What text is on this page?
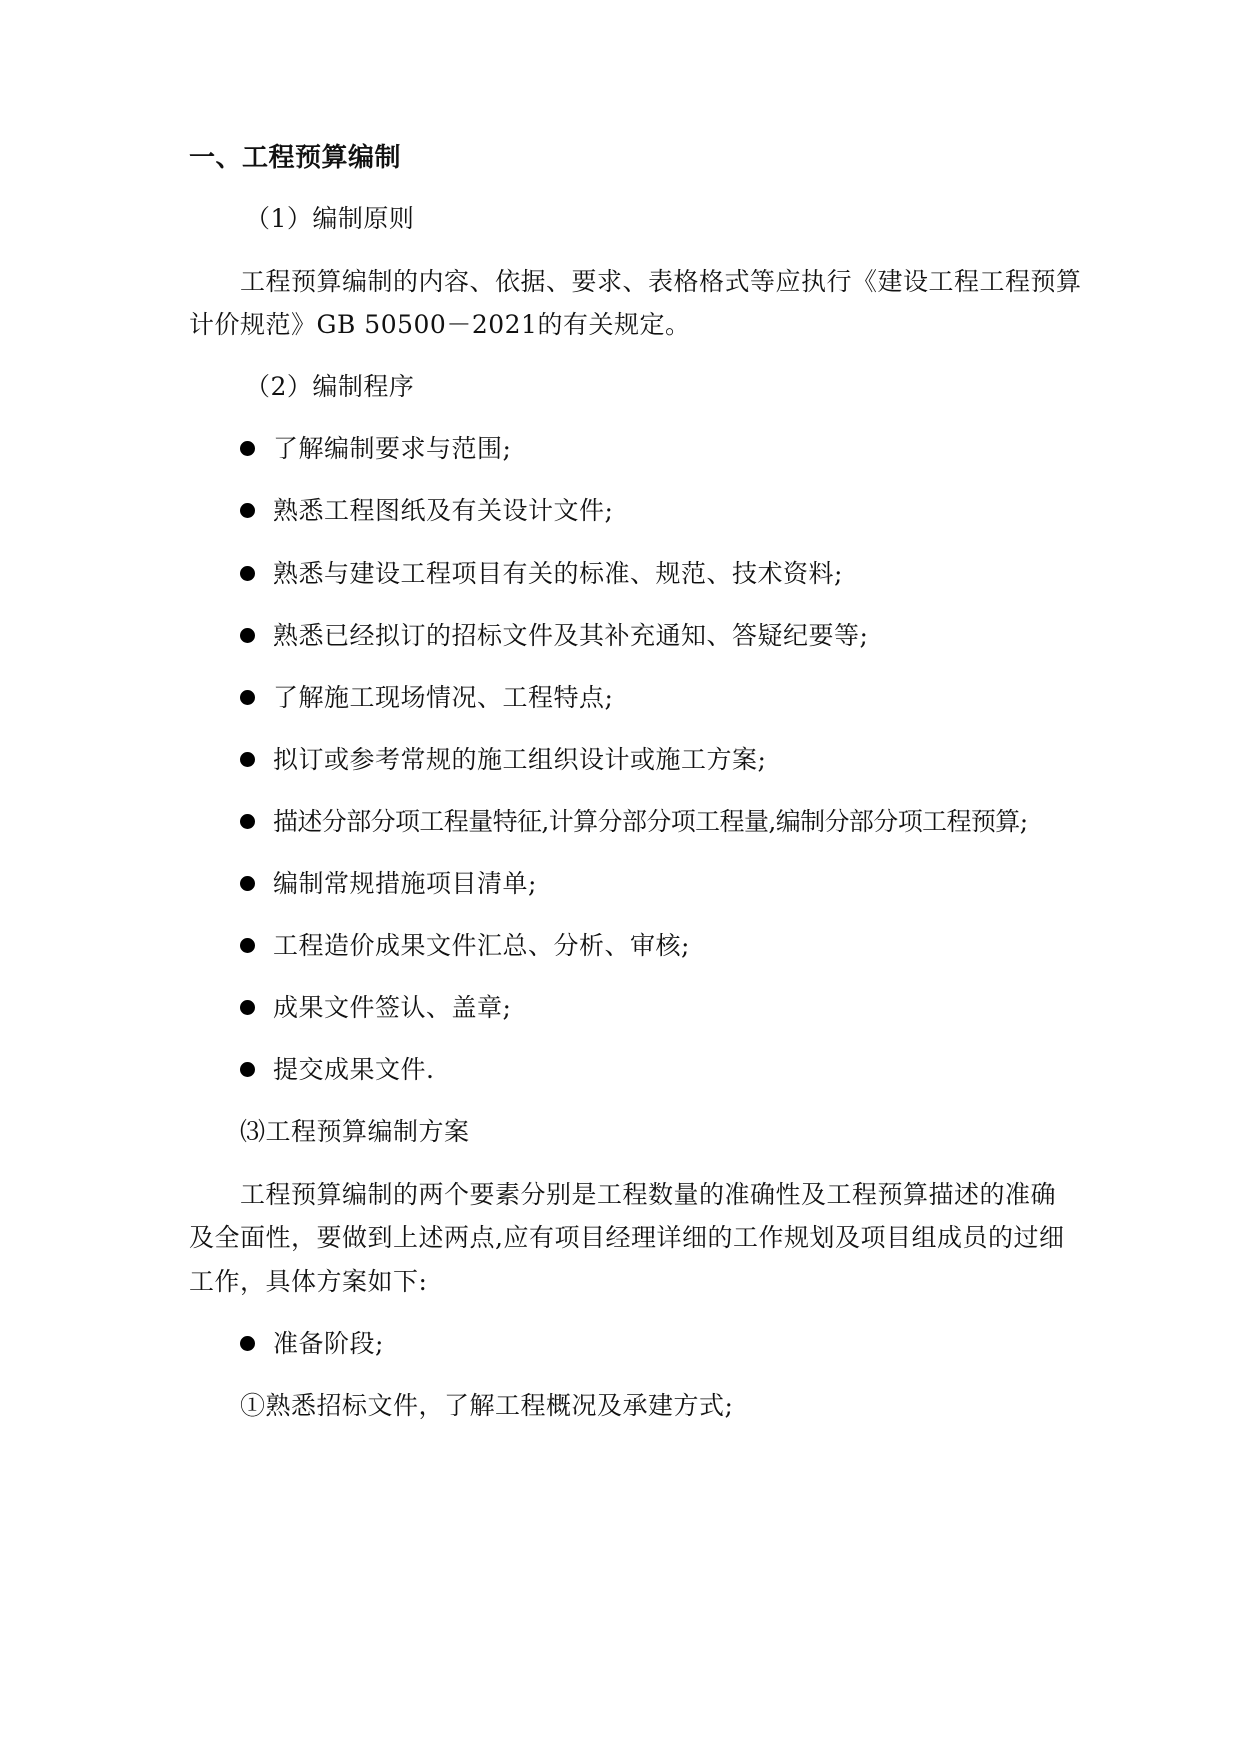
一、工程预算编制
（1）编制原则
工程预算编制的内容、依据、要求、表格格式等应执行《建设工程工程预算
计价规范》GB 50500－2021的有关规定。
（2）编制程序
了解编制要求与范围;
熟悉工程图纸及有关设计文件;
熟悉与建设工程项目有关的标准、规范、技术资料;
熟悉已经拟订的招标文件及其补充通知、答疑纪要等;
了解施工现场情况、工程特点;
拟订或参考常规的施工组织设计或施工方案;
描述分部分项工程量特征,计算分部分项工程量,编制分部分项工程预算;
编制常规措施项目清单;
工程造价成果文件汇总、分析、审核;
成果文件签认、盖章;
提交成果文件.
⑶工程预算编制方案
工程预算编制的两个要素分别是工程数量的准确性及工程预算描述的准确
及全面性，要做到上述两点,应有项目经理详细的工作规划及项目组成员的过细
工作，具体方案如下:
准备阶段;
①熟悉招标文件，了解工程概况及承建方式;
